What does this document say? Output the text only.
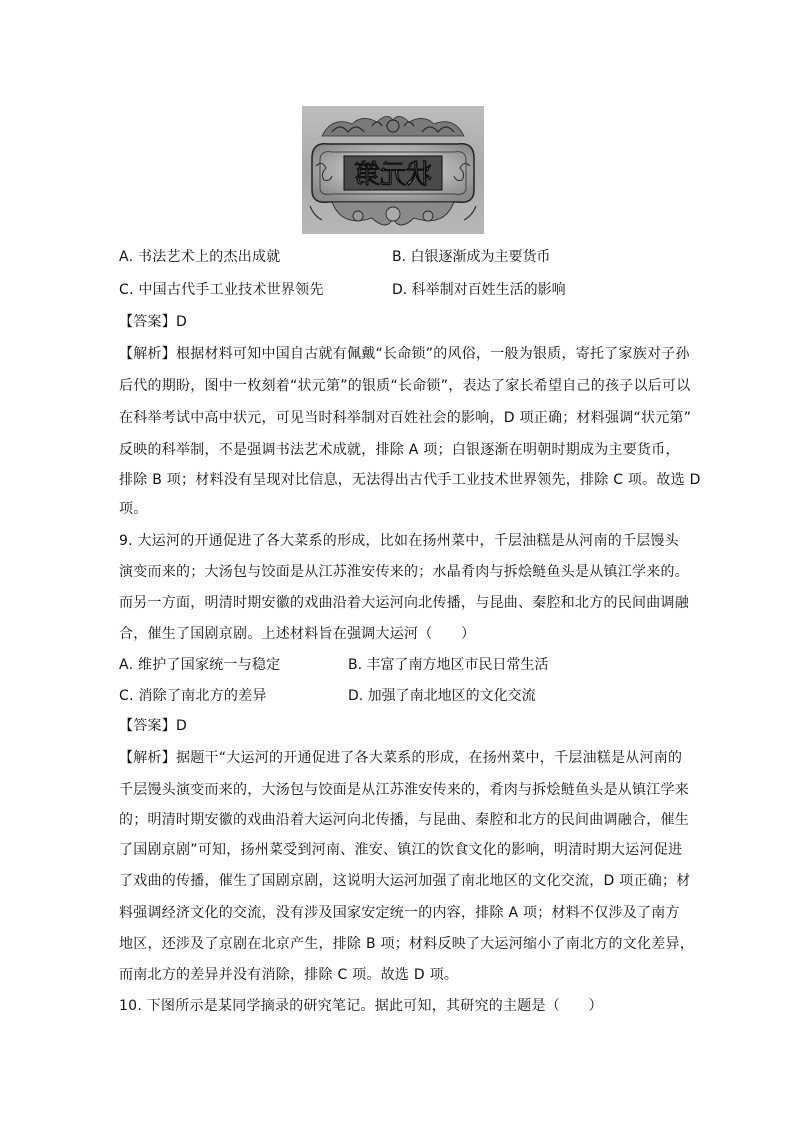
状元第
A. 书法艺术上的杰出成就	B. 白银逐渐成为主要货币
C. 中国古代手工业技术世界领先	D. 科举制对百姓生活的影响
【答案】D
【解析】根据材料可知中国自古就有佩戴“长命锁”的风俗，一般为银质，寄托了家族对子孙
后代的期盼，图中一枚刻着“状元第”的银质“长命锁”，表达了家长希望自己的孩子以后可以
在科举考试中高中状元，可见当时科举制对百姓社会的影响，D 项正确；材料强调“状元第”
反映的科举制，不是强调书法艺术成就，排除 A 项；白银逐渐在明朝时期成为主要货币，
排除 B 项；材料没有呈现对比信息，无法得出古代手工业技术世界领先，排除 C 项。故选 D
项。
9. 大运河的开通促进了各大菜系的形成，比如在扬州菜中，千层油糕是从河南的千层馒头
演变而来的；大汤包与饺面是从江苏淮安传来的；水晶肴肉与拆烩鲢鱼头是从镇江学来的。
而另一方面，明清时期安徽的戏曲沿着大运河向北传播，与昆曲、秦腔和北方的民间曲调融
合，催生了国剧京剧。上述材料旨在强调大运河（　　）
A. 维护了国家统一与稳定	B. 丰富了南方地区市民日常生活
C. 消除了南北方的差异	D. 加强了南北地区的文化交流
【答案】D
【解析】据题干“大运河的开通促进了各大菜系的形成，在扬州菜中，千层油糕是从河南的
千层馒头演变而来的，大汤包与饺面是从江苏淮安传来的，肴肉与拆烩鲢鱼头是从镇江学来
的；明清时期安徽的戏曲沿着大运河向北传播，与昆曲、秦腔和北方的民间曲调融合，催生
了国剧京剧”可知，扬州菜受到河南、淮安、镇江的饮食文化的影响，明清时期大运河促进
了戏曲的传播，催生了国剧京剧，这说明大运河加强了南北地区的文化交流，D 项正确；材
料强调经济文化的交流，没有涉及国家安定统一的内容，排除 A 项；材料不仅涉及了南方
地区，还涉及了京剧在北京产生，排除 B 项；材料反映了大运河缩小了南北方的文化差异，
而南北方的差异并没有消除，排除 C 项。故选 D 项。
10. 下图所示是某同学摘录的研究笔记。据此可知，其研究的主题是（　　）
